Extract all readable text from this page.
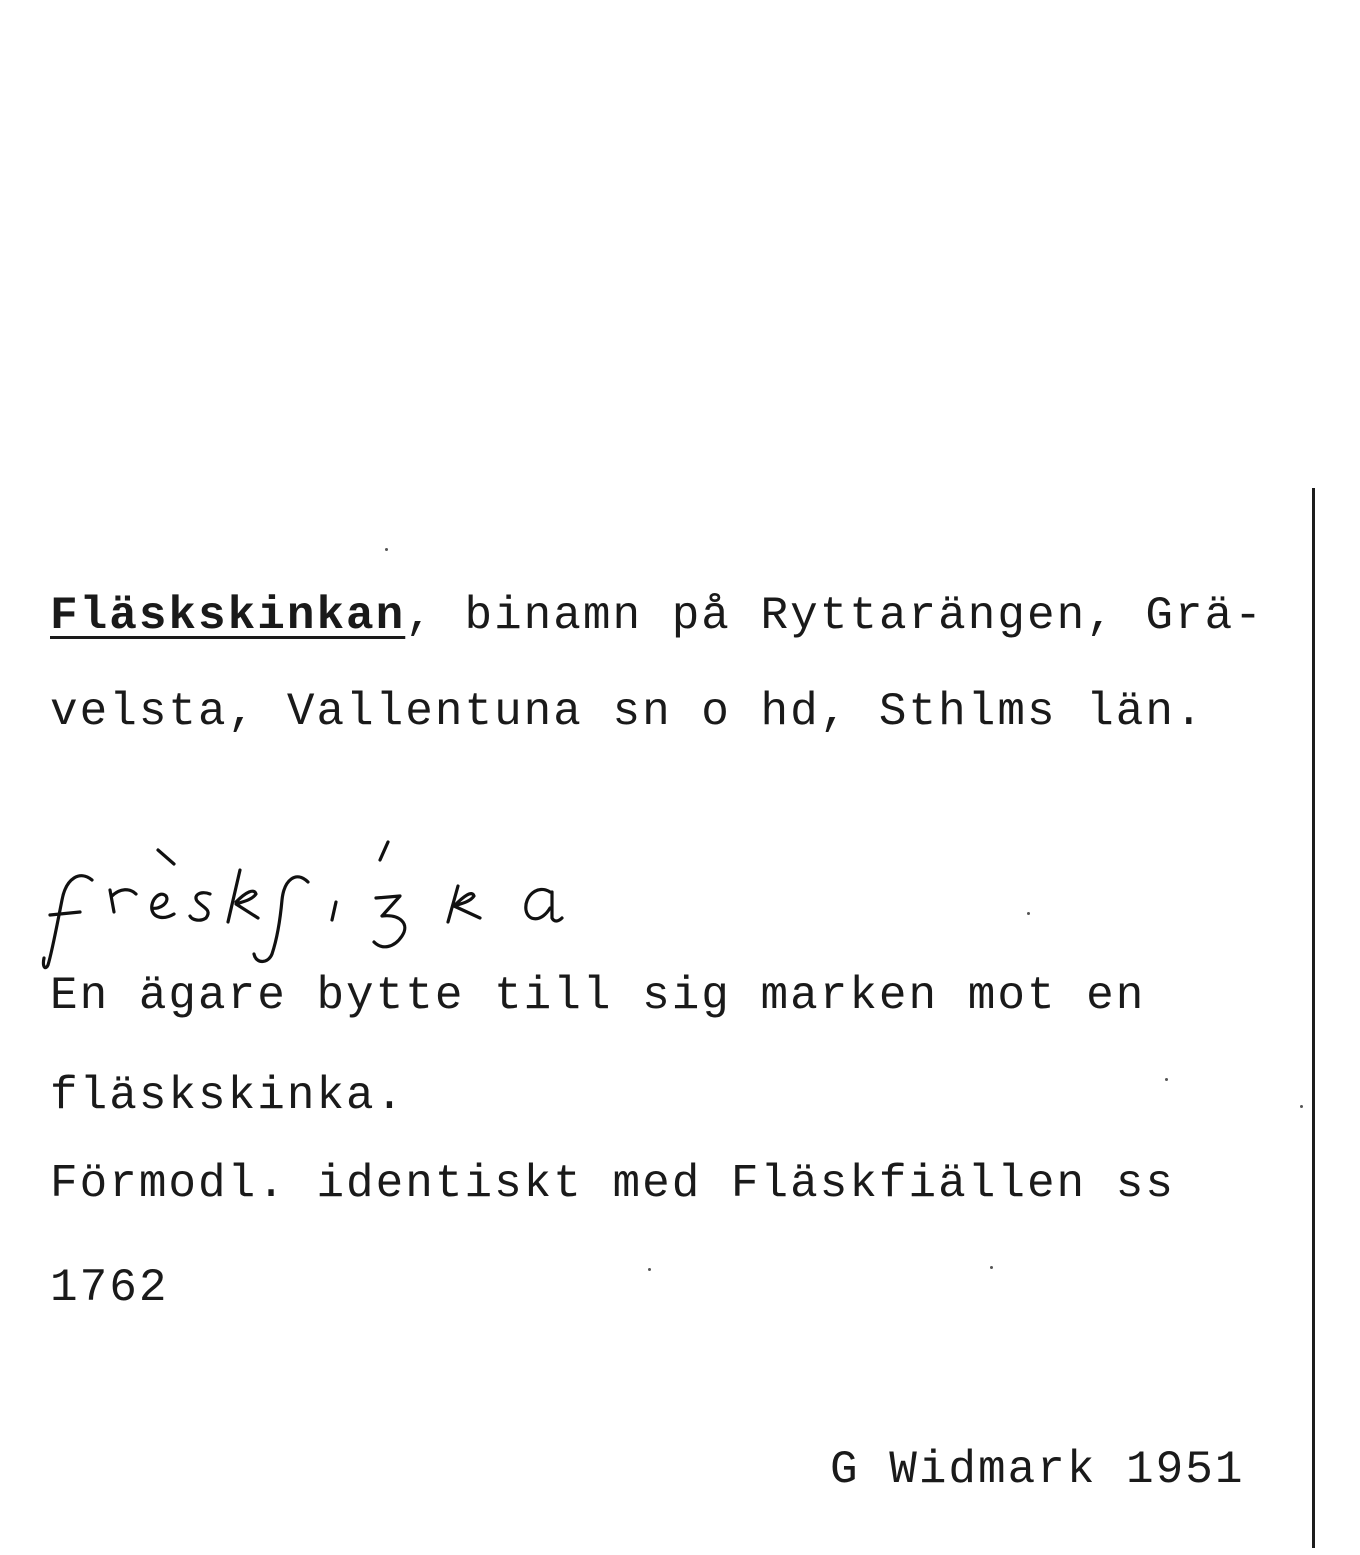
Fläskskinkan, binamn på Ryttarängen, Grä-
velsta, Vallentuna sn o hd, Sthlms län.
En ägare bytte till sig marken mot en
fläskskinka.
Förmodl. identiskt med Fläskfiällen ss
1762
G Widmark 1951
